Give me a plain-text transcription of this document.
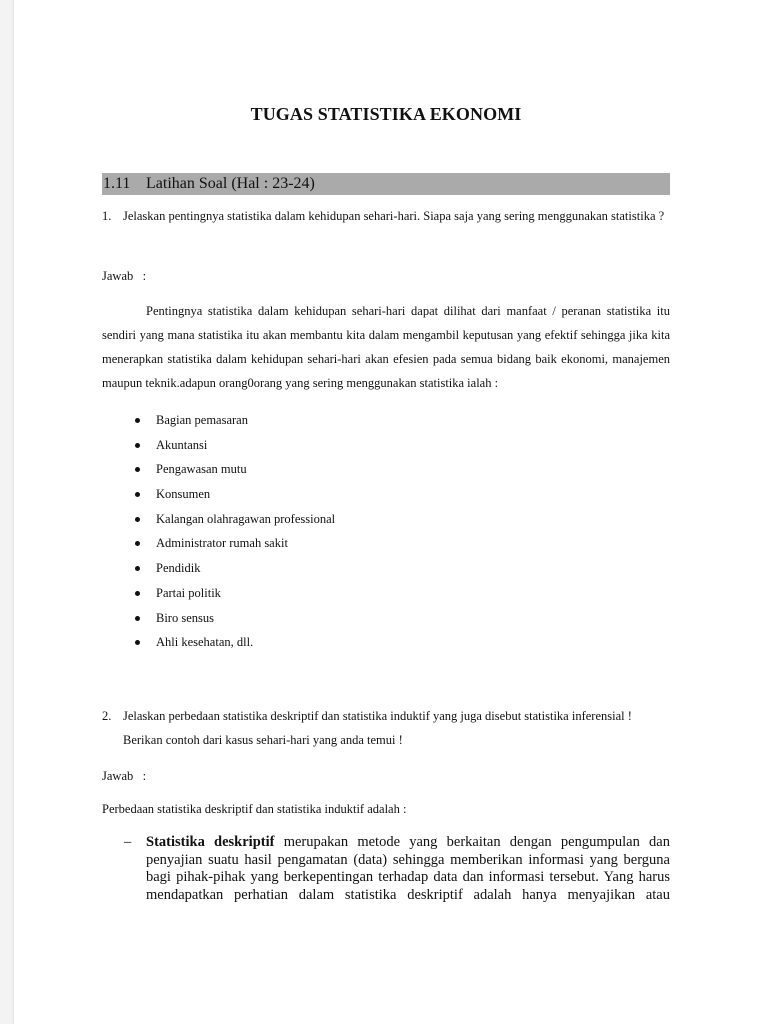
TUGAS STATISTIKA EKONOMI
1.11 Latihan Soal (Hal : 23-24)
1. Jelaskan pentingnya statistika dalam kehidupan sehari-hari. Siapa saja yang sering menggunakan statistika ?
Jawab   :
Pentingnya statistika dalam kehidupan sehari-hari dapat dilihat dari manfaat / peranan statistika itu sendiri yang mana statistika itu akan membantu kita dalam mengambil keputusan yang efektif sehingga jika kita menerapkan statistika dalam kehidupan sehari-hari akan efesien pada semua bidang baik ekonomi, manajemen maupun teknik.adapun orang0orang yang sering menggunakan statistika ialah :
Bagian pemasaran
Akuntansi
Pengawasan mutu
Konsumen
Kalangan olahragawan professional
Administrator rumah sakit
Pendidik
Partai politik
Biro sensus
Ahli kesehatan, dll.
2. Jelaskan perbedaan statistika deskriptif dan statistika induktif yang juga disebut statistika inferensial ! Berikan contoh dari kasus sehari-hari yang anda temui !
Jawab   :
Perbedaan statistika deskriptif dan statistika induktif adalah :
– Statistika deskriptif merupakan metode yang berkaitan dengan pengumpulan dan penyajian suatu hasil pengamatan (data) sehingga memberikan informasi yang berguna bagi pihak-pihak yang berkepentingan terhadap data dan informasi tersebut. Yang harus mendapatkan perhatian dalam statistika deskriptif adalah hanya menyajikan atau
